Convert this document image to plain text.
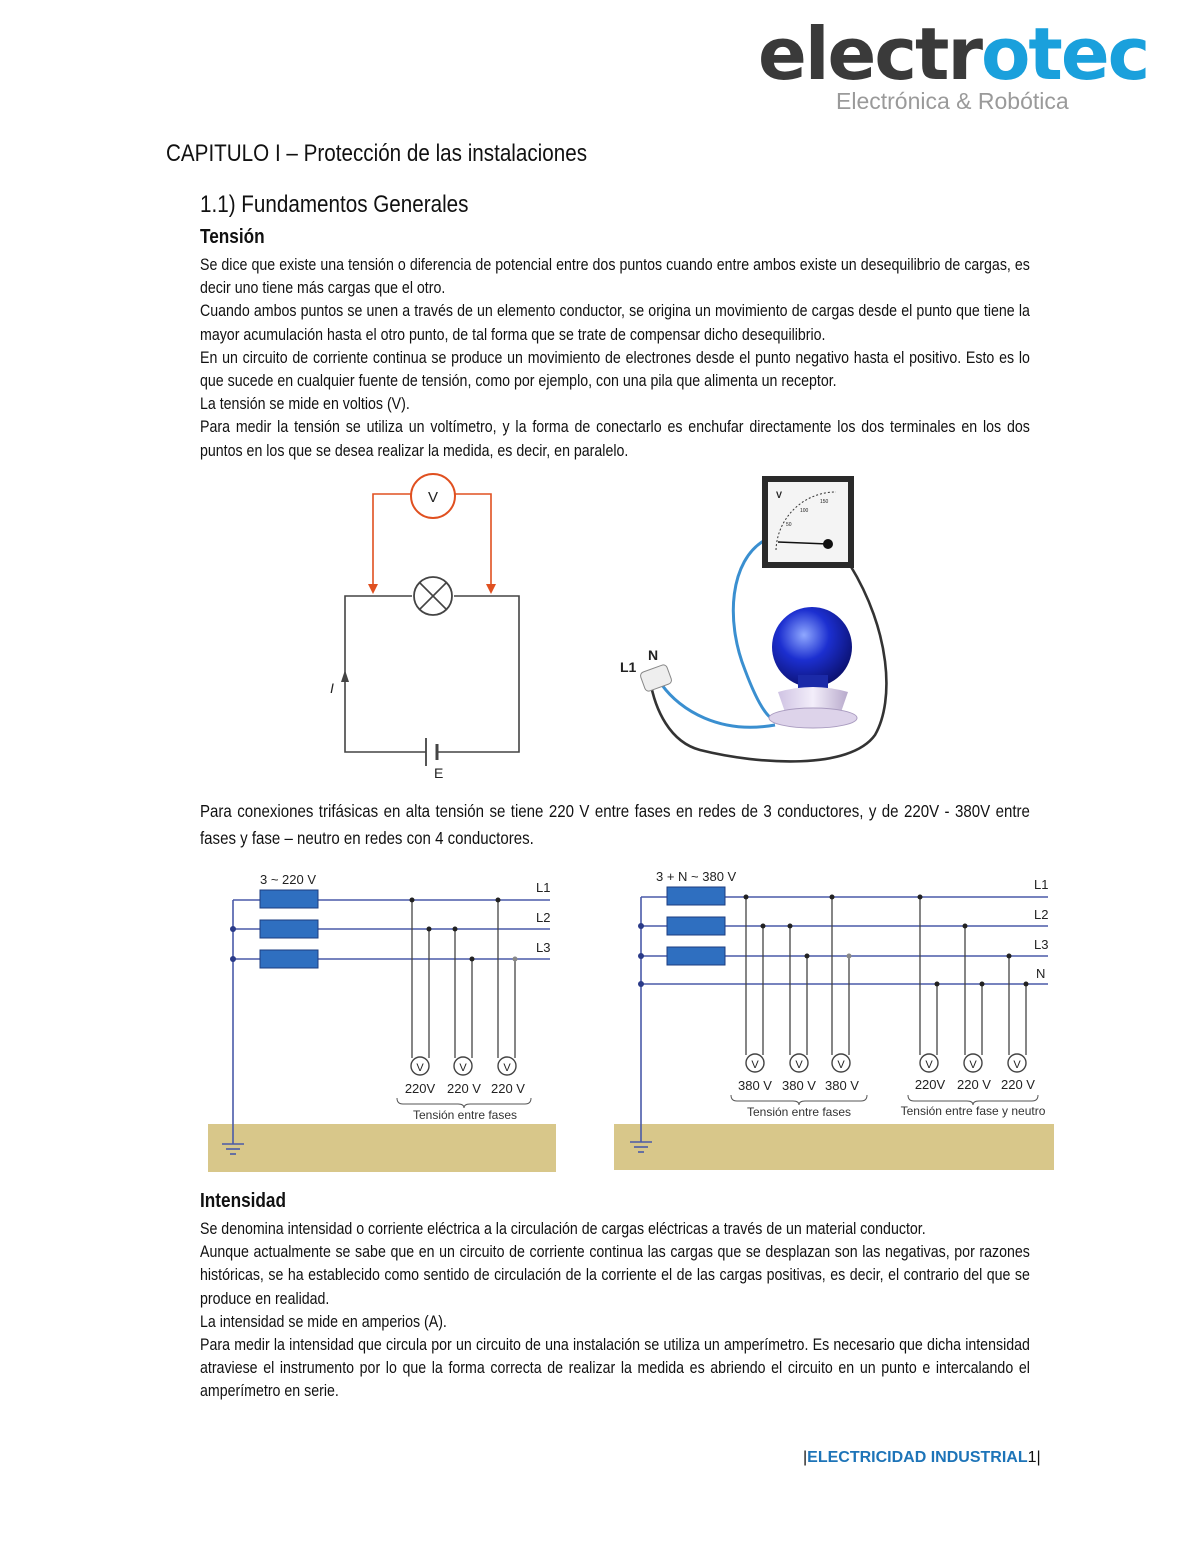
electrotec
Electrónica & Robótica
CAPITULO I – Protección de las instalaciones
1.1) Fundamentos Generales
Tensión

Se dice que existe una tensión o diferencia de potencial entre dos puntos cuando entre ambos existe un desequilibrio de cargas, es decir uno tiene más cargas que el otro.

Cuando ambos puntos se unen a través de un elemento conductor, se origina un movimiento de cargas desde el punto que tiene la mayor acumulación hasta el otro punto, de tal forma que se trate de compensar dicho desequilibrio.

En un circuito de corriente continua se produce un movimiento de electrones desde el punto negativo hasta el positivo. Esto es lo que sucede en cualquier fuente de tensión, como por ejemplo, con una pila que alimenta un receptor.

La tensión se mide en voltios (V).

Para medir la tensión se utiliza un voltímetro, y la forma de conectarlo es enchufar directamente los dos terminales en los dos puntos en los que se desea realizar la medida, es decir, en paralelo.

V
I
E
V
50
100
150
L1
N
Para conexiones trifásicas en alta tensión se tiene 220 V entre fases en redes de 3 conductores, y de 220V - 380V entre fases y fase – neutro en redes con 4 conductores.
3 ~ 220 V
L1
L2
L3
V	V	V
220V 220 V 220 V
Tensión entre fases
3 + N ~ 380 V
L1
L2
L3
N
V	V	V	V	V	V
380 V 380 V 380 V	220V 220 V 220 V
Tensión entre fases	Tensión entre fase y neutro
Intensidad

Se denomina intensidad o corriente eléctrica a la circulación de cargas eléctricas a través de un material conductor.

Aunque actualmente se sabe que en un circuito de corriente continua las cargas que se desplazan son las negativas, por razones históricas, se ha establecido como sentido de circulación de la corriente el de las cargas positivas, es decir, el contrario del que se produce en realidad.

La intensidad se mide en amperios (A).

Para medir la intensidad que circula por un circuito de una instalación se utiliza un amperímetro. Es necesario que dicha intensidad atraviese el instrumento por lo que la forma correcta de realizar la medida es abriendo el circuito en un punto e intercalando el amperímetro en serie.

|ELECTRICIDAD INDUSTRIAL1|
